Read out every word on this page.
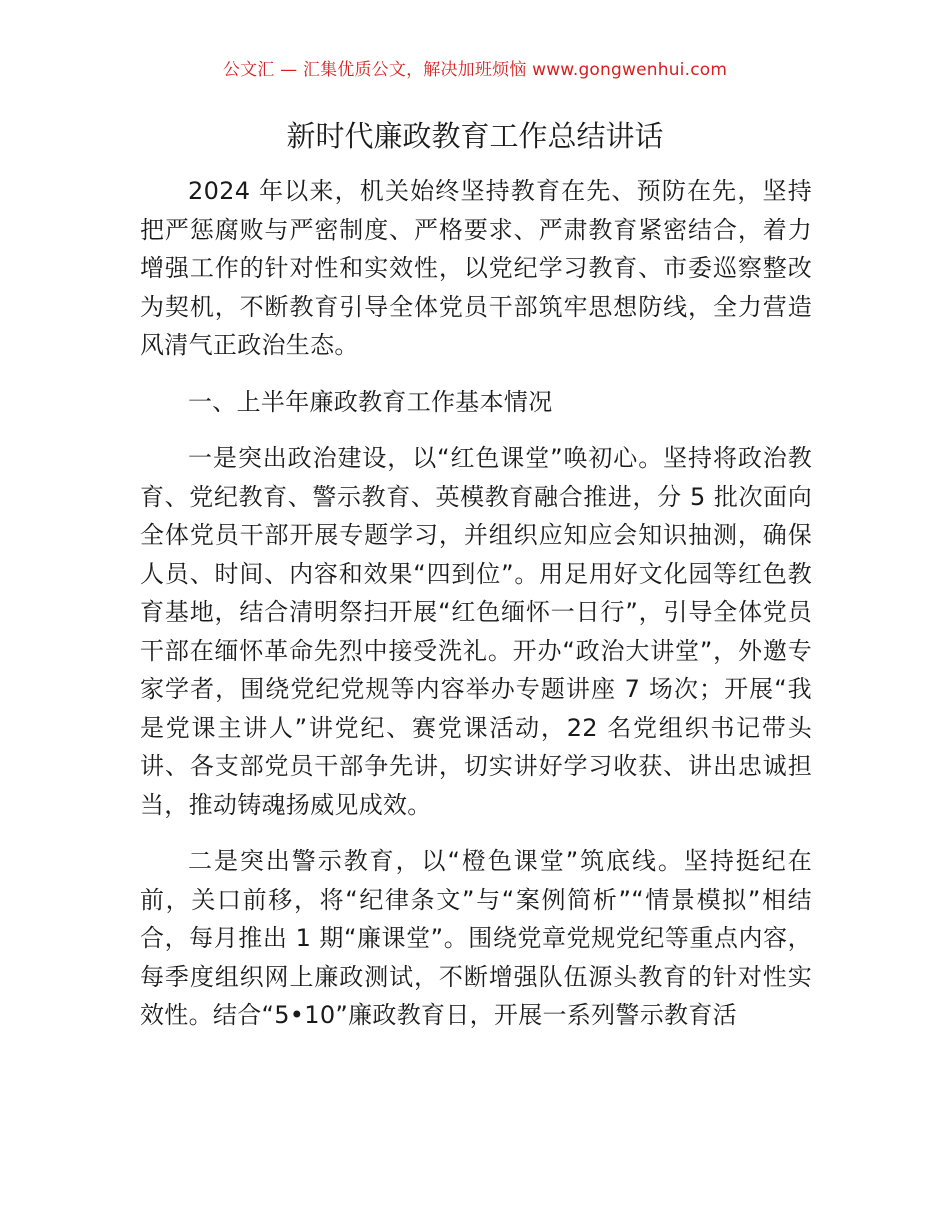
公文汇 — 汇集优质公文，解决加班烦恼 www.gongwenhui.com
新时代廉政教育工作总结讲话

2024 年以来，机关始终坚持教育在先、预防在先，坚持把严惩腐败与严密制度、严格要求、严肃教育紧密结合，着力增强工作的针对性和实效性，以党纪学习教育、市委巡察整改为契机，不断教育引导全体党员干部筑牢思想防线，全力营造风清气正政治生态。

一、上半年廉政教育工作基本情况

一是突出政治建设，以“红色课堂”唤初心。坚持将政治教育、党纪教育、警示教育、英模教育融合推进，分 5 批次面向全体党员干部开展专题学习，并组织应知应会知识抽测，确保人员、时间、内容和效果“四到位”。用足用好文化园等红色教育基地，结合清明祭扫开展“红色缅怀一日行”，引导全体党员干部在缅怀革命先烈中接受洗礼。开办“政治大讲堂”，外邀专家学者，围绕党纪党规等内容举办专题讲座 7 场次；开展“我是党课主讲人”讲党纪、赛党课活动，22 名党组织书记带头讲、各支部党员干部争先讲，切实讲好学习收获、讲出忠诚担当，推动铸魂扬威见成效。

二是突出警示教育，以“橙色课堂”筑底线。坚持挺纪在前，关口前移，将“纪律条文”与“案例简析”“情景模拟”相结合，每月推出 1 期“廉课堂”。围绕党章党规党纪等重点内容，每季度组织网上廉政测试，不断增强队伍源头教育的针对性实效性。结合“5•10”廉政教育日，开展一系列警示教育活
